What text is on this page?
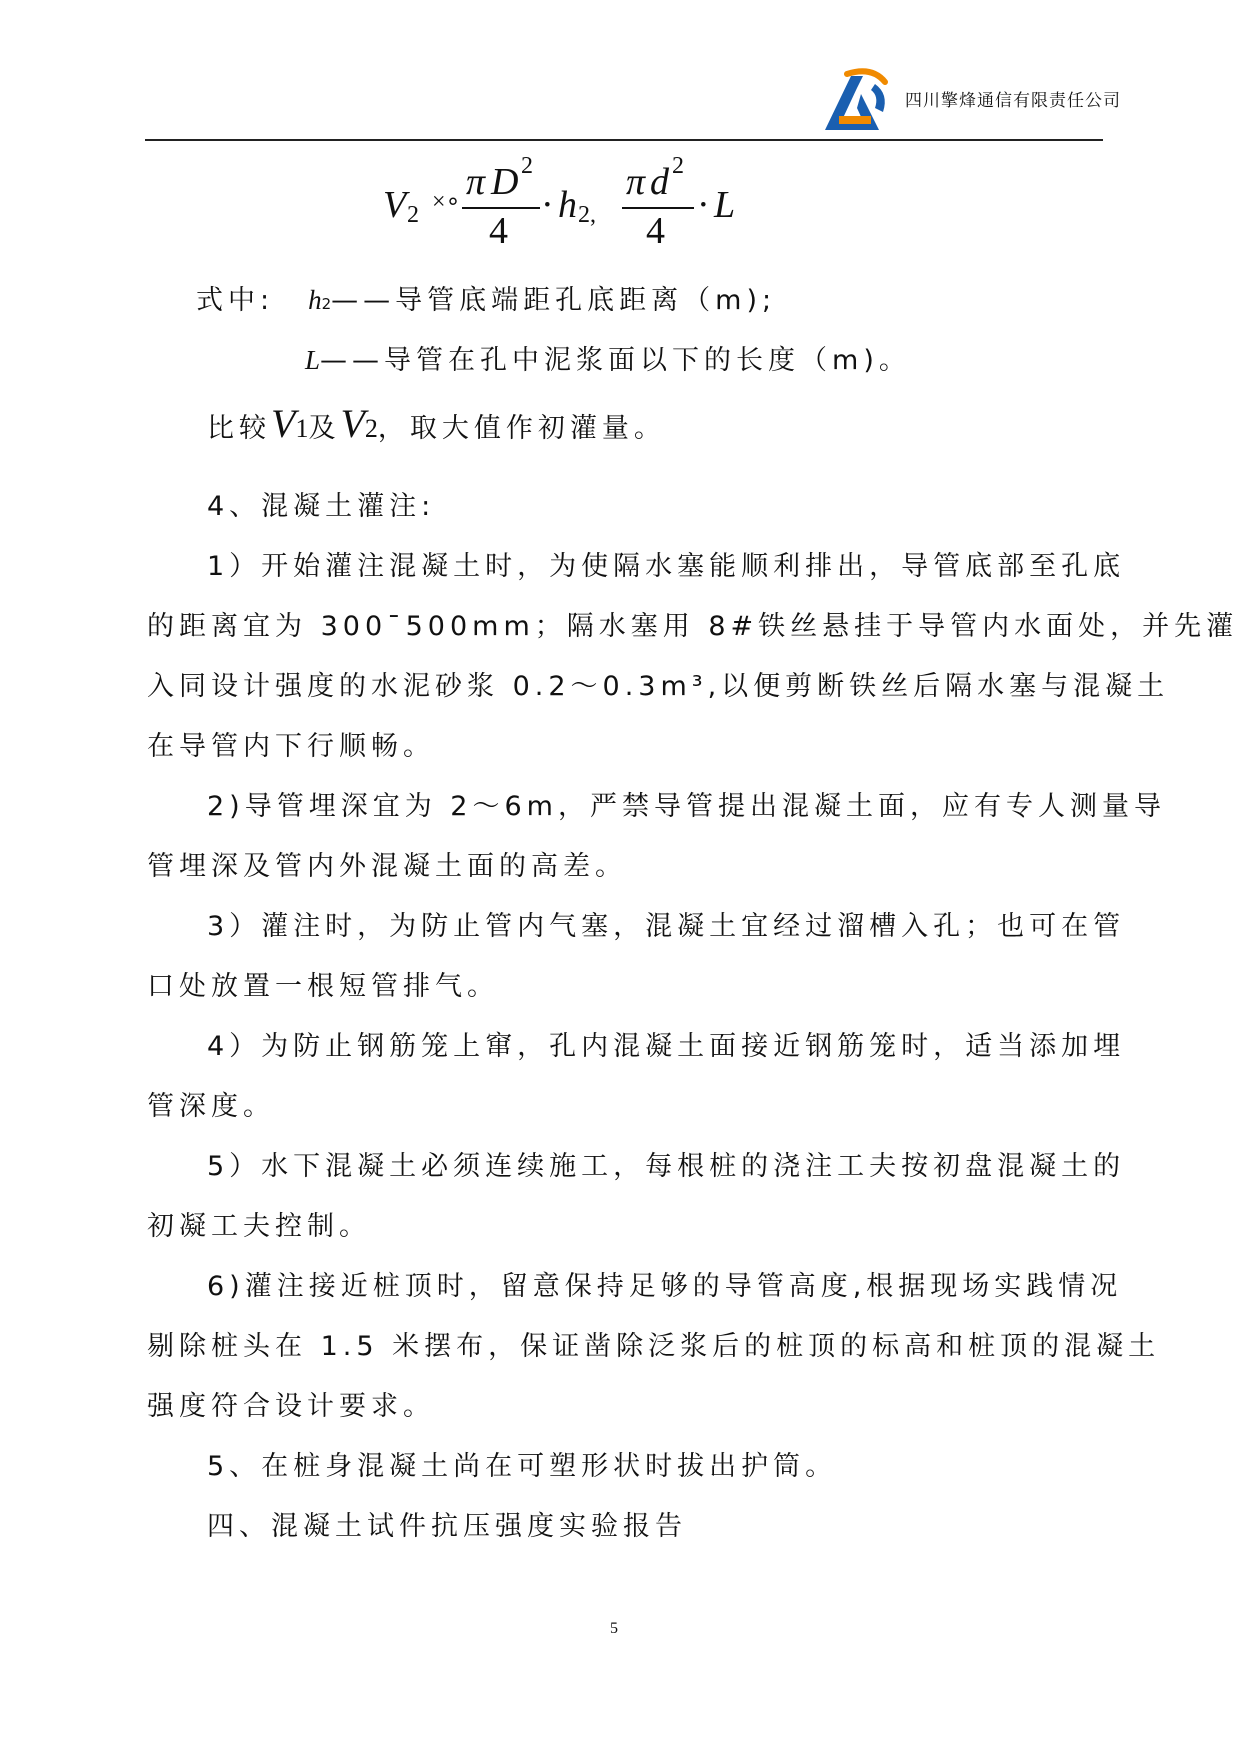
四川擎烽通信有限责任公司
V 2 ×∘ π D 2
4
· h 2 ,
π d 2
4
· L
式中: h2——导管底端距孔底距离（m);
L——导管在孔中泥浆面以下的长度（m)。
比较V1及V2，取大值作初灌量。
4、混凝土灌注:
1）开始灌注混凝土时，为使隔水塞能顺利排出，导管底部至孔底
的距离宜为 300ˉ500mm；隔水塞用 8#铁丝悬挂于导管内水面处，并先灌
入同设计强度的水泥砂浆 0.2～0.3m³,以便剪断铁丝后隔水塞与混凝土
在导管内下行顺畅。
2)导管埋深宜为 2～6m，严禁导管提出混凝土面，应有专人测量导
管埋深及管内外混凝土面的高差。
3）灌注时，为防止管内气塞，混凝土宜经过溜槽入孔；也可在管
口处放置一根短管排气。
4）为防止钢筋笼上窜，孔内混凝土面接近钢筋笼时，适当添加埋
管深度。
5）水下混凝土必须连续施工，每根桩的浇注工夫按初盘混凝土的
初凝工夫控制。
6)灌注接近桩顶时，留意保持足够的导管高度,根据现场实践情况
剔除桩头在 1.5 米摆布，保证凿除泛浆后的桩顶的标高和桩顶的混凝土
强度符合设计要求。
5、在桩身混凝土尚在可塑形状时拔出护筒。
四、混凝土试件抗压强度实验报告
5
